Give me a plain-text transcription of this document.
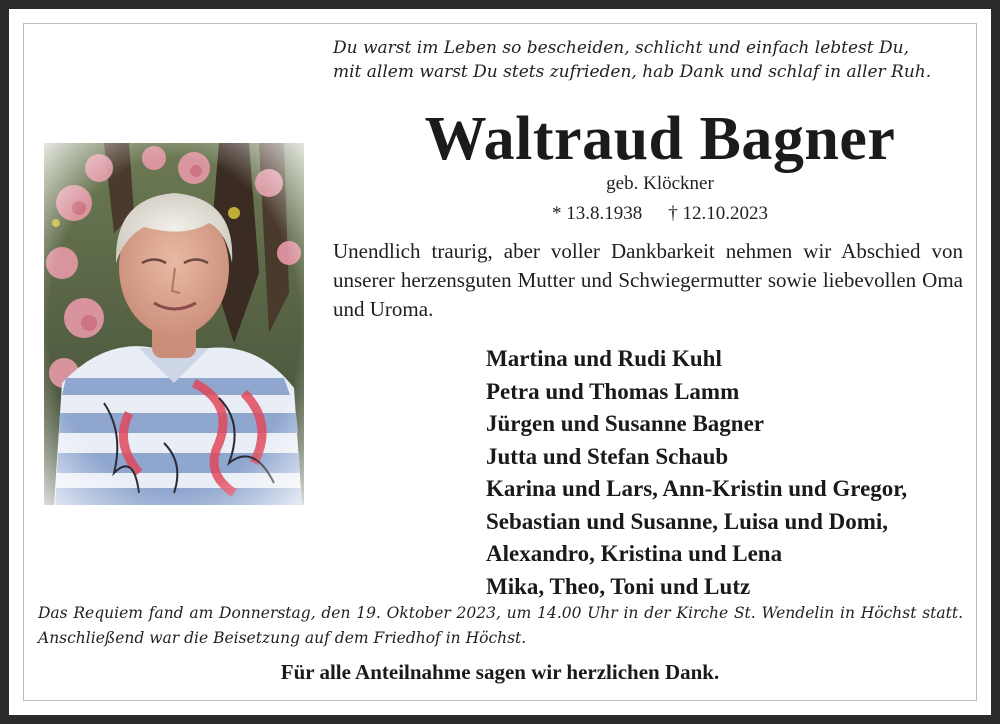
Du warst im Leben so bescheiden, schlicht und einfach lebtest Du,
mit allem warst Du stets zufrieden, hab Dank und schlaf in aller Ruh.
Waltraud Bagner
geb. Klöckner
* 13.8.1938 † 12.10.2023
Unendlich traurig, aber voller Dankbarkeit nehmen wir Abschied von unserer herzensguten Mutter und Schwiegermutter sowie liebevollen Oma und Uroma.
Martina und Rudi Kuhl
Petra und Thomas Lamm
Jürgen und Susanne Bagner
Jutta und Stefan Schaub
Karina und Lars, Ann-Kristin und Gregor,
Sebastian und Susanne, Luisa und Domi,
Alexandro, Kristina und Lena
Mika, Theo, Toni und Lutz
Das Requiem fand am Donnerstag, den 19. Oktober 2023, um 14.00 Uhr in der Kirche St. Wendelin in Höchst statt. Anschließend war die Beisetzung auf dem Friedhof in Höchst.
Für alle Anteilnahme sagen wir herzlichen Dank.
